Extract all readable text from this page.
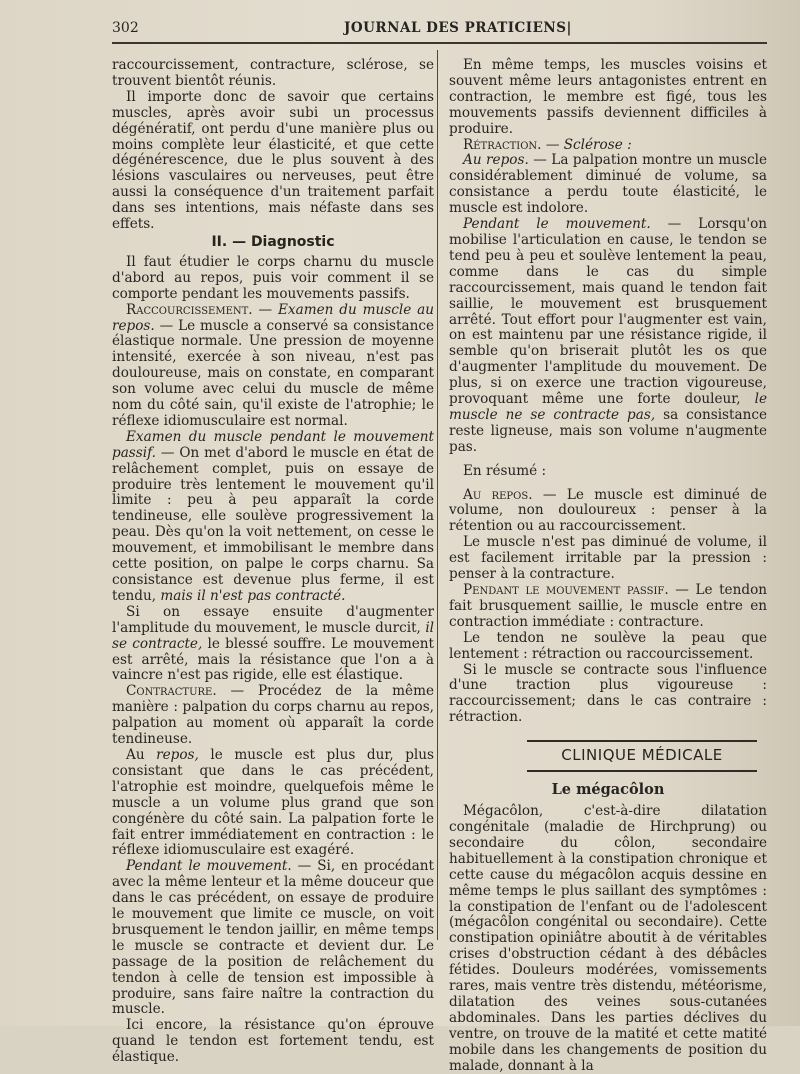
302	JOURNAL DES PRATICIENS|

raccourcissement, contracture, sclérose, se trouvent bientôt réunis.

Il importe donc de savoir que certains muscles, après avoir subi un processus dégénératif, ont perdu d'une manière plus ou moins complète leur élasticité, et que cette dégénérescence, due le plus souvent à des lésions vasculaires ou nerveuses, peut être aussi la conséquence d'un traitement parfait dans ses intentions, mais néfaste dans ses effets.

II. — Diagnostic

Il faut étudier le corps charnu du muscle d'abord au repos, puis voir comment il se comporte pendant les mouvements passifs.

Raccourcissement. — Examen du muscle au repos. — Le muscle a conservé sa consistance élastique normale. Une pression de moyenne intensité, exercée à son niveau, n'est pas douloureuse, mais on constate, en comparant son volume avec celui du muscle de même nom du côté sain, qu'il existe de l'atrophie; le réflexe idiomusculaire est normal.

Examen du muscle pendant le mouvement passif. — On met d'abord le muscle en état de relâchement complet, puis on essaye de produire très lentement le mouvement qu'il limite : peu à peu apparaît la corde tendineuse, elle soulève progressivement la peau. Dès qu'on la voit nettement, on cesse le mouvement, et immobilisant le membre dans cette position, on palpe le corps charnu. Sa consistance est devenue plus ferme, il est tendu, mais il n'est pas contracté.

Si on essaye ensuite d'augmenter l'amplitude du mouvement, le muscle durcit, il se contracte, le blessé souffre. Le mouvement est arrêté, mais la résistance que l'on a à vaincre n'est pas rigide, elle est élastique.

Contracture. — Procédez de la même manière : palpation du corps charnu au repos, palpation au moment où apparaît la corde tendineuse.

Au repos, le muscle est plus dur, plus consistant que dans le cas précédent, l'atrophie est moindre, quelquefois même le muscle a un volume plus grand que son congénère du côté sain. La palpation forte le fait entrer immédiatement en contraction : le réflexe idiomusculaire est exagéré.

Pendant le mouvement. — Si, en procédant avec la même lenteur et la même douceur que dans le cas précédent, on essaye de produire le mouvement que limite ce muscle, on voit brusquement le tendon jaillir, en même temps le muscle se contracte et devient dur. Le passage de la position de relâchement du tendon à celle de tension est impossible à produire, sans faire naître la contraction du muscle.

Ici encore, la résistance qu'on éprouve quand le tendon est fortement tendu, est élastique.

En même temps, les muscles voisins et souvent même leurs antagonistes entrent en contraction, le membre est figé, tous les mouvements passifs deviennent difficiles à produire.

Rétraction. — Sclérose :

Au repos. — La palpation montre un muscle considérablement diminué de volume, sa consistance a perdu toute élasticité, le muscle est indolore.

Pendant le mouvement. — Lorsqu'on mobilise l'articulation en cause, le tendon se tend peu à peu et soulève lentement la peau, comme dans le cas du simple raccourcissement, mais quand le tendon fait saillie, le mouvement est brusquement arrêté. Tout effort pour l'augmenter est vain, on est maintenu par une résistance rigide, il semble qu'on briserait plutôt les os que d'augmenter l'amplitude du mouvement. De plus, si on exerce une traction vigoureuse, provoquant même une forte douleur, le muscle ne se contracte pas, sa consistance reste ligneuse, mais son volume n'augmente pas.

En résumé :

Au repos. — Le muscle est diminué de volume, non douloureux : penser à la rétention ou au raccourcissement.

Le muscle n'est pas diminué de volume, il est facilement irritable par la pression : penser à la contracture.

Pendant le mouvement passif. — Le tendon fait brusquement saillie, le muscle entre en contraction immédiate : contracture.

Le tendon ne soulève la peau que lentement : rétraction ou raccourcissement.

Si le muscle se contracte sous l'influence d'une traction plus vigoureuse : raccourcissement; dans le cas contraire : rétraction.

CLINIQUE MÉDICALE
Le mégacôlon

Mégacôlon, c'est-à-dire dilatation congénitale (maladie de Hirchprung) ou secondaire du côlon, secondaire habituellement à la constipation chronique et cette cause du mégacôlon acquis dessine en même temps le plus saillant des symptômes : la constipation de l'enfant ou de l'adolescent (mégacôlon congénital ou secondaire). Cette constipation opiniâtre aboutit à de véritables crises d'obstruction cédant à des débâcles fétides. Douleurs modérées, vomissements rares, mais ventre très distendu, météorisme, dilatation des veines sous-cutanées abdominales. Dans les parties déclives du ventre, on trouve de la matité et cette matité mobile dans les changements de position du malade, donnant à la
